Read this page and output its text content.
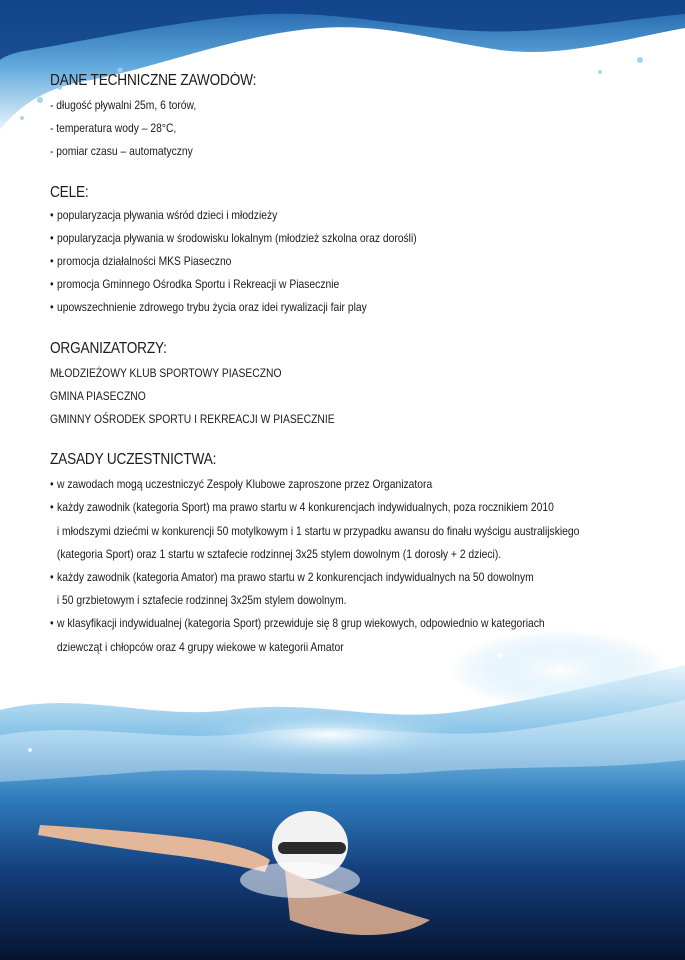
DANE TECHNICZNE ZAWODÓW:
- długość pływalni 25m, 6 torów,
- temperatura wody – 28°C,
- pomiar czasu – automatyczny
CELE:
• popularyzacja pływania wśród dzieci i młodzieży
• popularyzacja pływania w środowisku lokalnym (młodzież szkolna oraz dorośli)
• promocja działalności MKS Piaseczno
• promocja Gminnego Ośrodka Sportu i Rekreacji w Piasecznie
• upowszechnienie zdrowego trybu życia oraz idei rywalizacji fair play
ORGANIZATORZY:
MŁODZIEŻOWY KLUB SPORTOWY PIASECZNO
GMINA PIASECZNO
GMINNY OŚRODEK SPORTU I REKREACJI W PIASECZNIE
ZASADY UCZESTNICTWA:
• w zawodach mogą uczestniczyć Zespoły Klubowe zaproszone przez Organizatora
• każdy zawodnik (kategoria Sport) ma prawo startu w 4 konkurencjach indywidualnych, poza rocznikiem 2010
i młodszymi dziećmi w konkurencji 50 motylkowym i 1 startu w przypadku awansu do finału wyścigu australijskiego
(kategoria Sport) oraz 1 startu w sztafecie rodzinnej 3x25 stylem dowolnym (1 dorosły + 2 dzieci).
• każdy zawodnik (kategoria Amator) ma prawo startu w 2 konkurencjach indywidualnych na 50 dowolnym
i 50 grzbietowym i sztafecie rodzinnej 3x25m stylem dowolnym.
• w klasyfikacji indywidualnej (kategoria Sport) przewiduje się 8 grup wiekowych, odpowiednio w kategoriach
dziewcząt i chłopców oraz 4 grupy wiekowe w kategorii Amator
